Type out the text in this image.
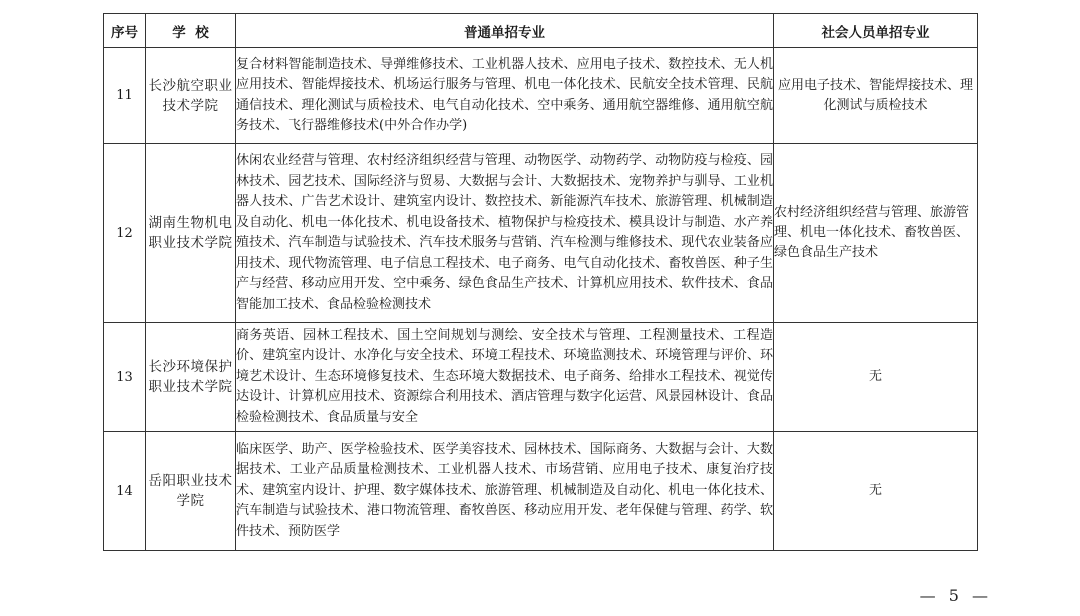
序号	学  校	普通单招专业	社会人员单招专业
11	长沙航空职业技术学院	复合材料智能制造技术、导弹维修技术、工业机器人技术、应用电子技术、数控技术、无人机应用技术、智能焊接技术、机场运行服务与管理、机电一体化技术、民航安全技术管理、民航通信技术、理化测试与质检技术、电气自动化技术、空中乘务、通用航空器维修、通用航空航务技术、飞行器维修技术(中外合作办学)	应用电子技术、智能焊接技术、理化测试与质检技术
12	湖南生物机电职业技术学院	休闲农业经营与管理、农村经济组织经营与管理、动物医学、动物药学、动物防疫与检疫、园林技术、园艺技术、国际经济与贸易、大数据与会计、大数据技术、宠物养护与驯导、工业机器人技术、广告艺术设计、建筑室内设计、数控技术、新能源汽车技术、旅游管理、机械制造及自动化、机电一体化技术、机电设备技术、植物保护与检疫技术、模具设计与制造、水产养殖技术、汽车制造与试验技术、汽车技术服务与营销、汽车检测与维修技术、现代农业装备应用技术、现代物流管理、电子信息工程技术、电子商务、电气自动化技术、畜牧兽医、种子生产与经营、移动应用开发、空中乘务、绿色食品生产技术、计算机应用技术、软件技术、食品智能加工技术、食品检验检测技术	农村经济组织经营与管理、旅游管理、机电一体化技术、畜牧兽医、绿色食品生产技术
13	长沙环境保护职业技术学院	商务英语、园林工程技术、国土空间规划与测绘、安全技术与管理、工程测量技术、工程造价、建筑室内设计、水净化与安全技术、环境工程技术、环境监测技术、环境管理与评价、环境艺术设计、生态环境修复技术、生态环境大数据技术、电子商务、给排水工程技术、视觉传达设计、计算机应用技术、资源综合利用技术、酒店管理与数字化运营、风景园林设计、食品检验检测技术、食品质量与安全	无
14	岳阳职业技术学院	临床医学、助产、医学检验技术、医学美容技术、园林技术、国际商务、大数据与会计、大数据技术、工业产品质量检测技术、工业机器人技术、市场营销、应用电子技术、康复治疗技术、建筑室内设计、护理、数字媒体技术、旅游管理、机械制造及自动化、机电一体化技术、汽车制造与试验技术、港口物流管理、畜牧兽医、移动应用开发、老年保健与管理、药学、软件技术、预防医学	无
— 5 —
